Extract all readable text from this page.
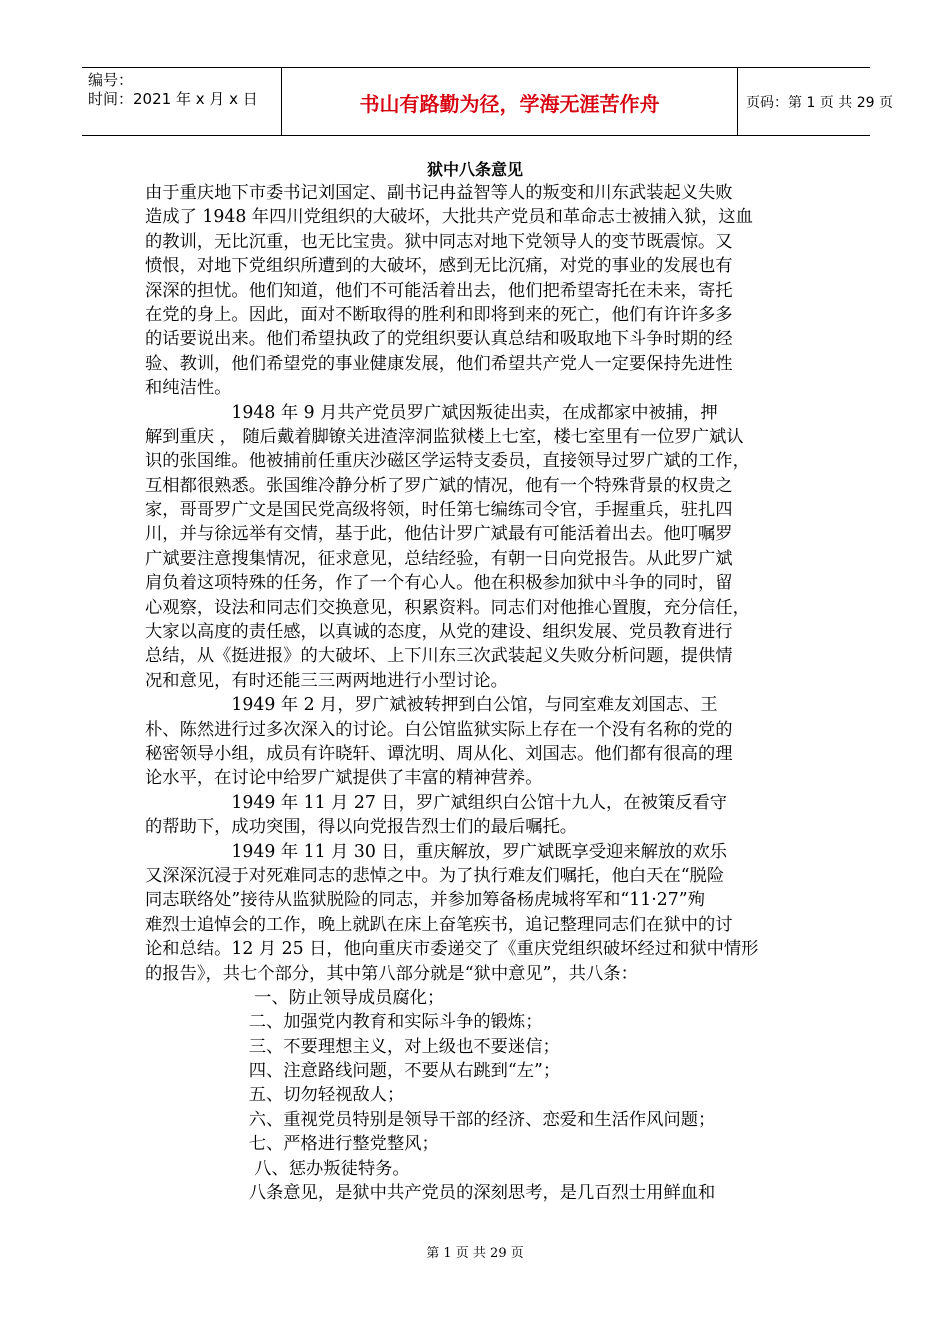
编号：
时间：2021 年 x 月 x 日	书山有路勤为径，学海无涯苦作舟	页码：第 1 页 共 29 页
狱中八条意见
由于重庆地下市委书记刘国定、副书记冉益智等人的叛变和川东武装起义失败
造成了 1948 年四川党组织的大破坏，大批共产党员和革命志士被捕入狱，这血
的教训，无比沉重，也无比宝贵。狱中同志对地下党领导人的变节既震惊。又
愤恨，对地下党组织所遭到的大破坏，感到无比沉痛，对党的事业的发展也有
深深的担忧。他们知道，他们不可能活着出去，他们把希望寄托在未来，寄托
在党的身上。因此，面对不断取得的胜利和即将到来的死亡，他们有许许多多
的话要说出来。他们希望执政了的党组织要认真总结和吸取地下斗争时期的经
验、教训，他们希望党的事业健康发展，他们希望共产党人一定要保持先进性
和纯洁性。
　　　　　1948 年 9 月共产党员罗广斌因叛徒出卖，在成都家中被捕，押
解到重庆 ， 随后戴着脚镣关进渣滓洞监狱楼上七室，楼七室里有一位罗广斌认
识的张国维。他被捕前任重庆沙磁区学运特支委员，直接领导过罗广斌的工作，
互相都很熟悉。张国维冷静分析了罗广斌的情况，他有一个特殊背景的权贵之
家，哥哥罗广文是国民党高级将领，时任第七编练司令官，手握重兵，驻扎四
川，并与徐远举有交情，基于此，他估计罗广斌最有可能活着出去。他叮嘱罗
广斌要注意搜集情况，征求意见，总结经验，有朝一日向党报告。从此罗广斌
肩负着这项特殊的任务，作了一个有心人。他在积极参加狱中斗争的同时，留
心观察，设法和同志们交换意见，积累资料。同志们对他推心置腹，充分信任，
大家以高度的责任感，以真诚的态度，从党的建设、组织发展、党员教育进行
总结，从《挺进报》的大破坏、上下川东三次武装起义失败分析问题，提供情
况和意见，有时还能三三两两地进行小型讨论。
　　　　　1949 年 2 月，罗广斌被转押到白公馆，与同室难友刘国志、王
朴、陈然进行过多次深入的讨论。白公馆监狱实际上存在一个没有名称的党的
秘密领导小组，成员有许晓轩、谭沈明、周从化、刘国志。他们都有很高的理
论水平，在讨论中给罗广斌提供了丰富的精神营养。
　　　　　1949 年 11 月 27 日，罗广斌组织白公馆十九人，在被策反看守
的帮助下，成功突围，得以向党报告烈士们的最后嘱托。
　　　　　1949 年 11 月 30 日，重庆解放，罗广斌既享受迎来解放的欢乐
又深深沉浸于对死难同志的悲悼之中。为了执行难友们嘱托，他白天在“脱险
同志联络处”接待从监狱脱险的同志，并参加筹备杨虎城将军和“11·27”殉
难烈士追悼会的工作，晚上就趴在床上奋笔疾书，追记整理同志们在狱中的讨
论和总结。12 月 25 日，他向重庆市委递交了《重庆党组织破坏经过和狱中情形
的报告》，共七个部分，其中第八部分就是“狱中意见”，共八条：
　　　　　　 一、防止领导成员腐化；
　　　　　　二、加强党内教育和实际斗争的锻炼；
　　　　　　三、不要理想主义，对上级也不要迷信；
　　　　　　四、注意路线问题，不要从右跳到“左”；
　　　　　　五、切勿轻视敌人；
　　　　　　六、重视党员特别是领导干部的经济、恋爱和生活作风问题；
　　　　　　七、严格进行整党整风；
　　　　　　 八、惩办叛徒特务。
　　　　　　八条意见，是狱中共产党员的深刻思考，是几百烈士用鲜血和
第 1 页 共 29 页
